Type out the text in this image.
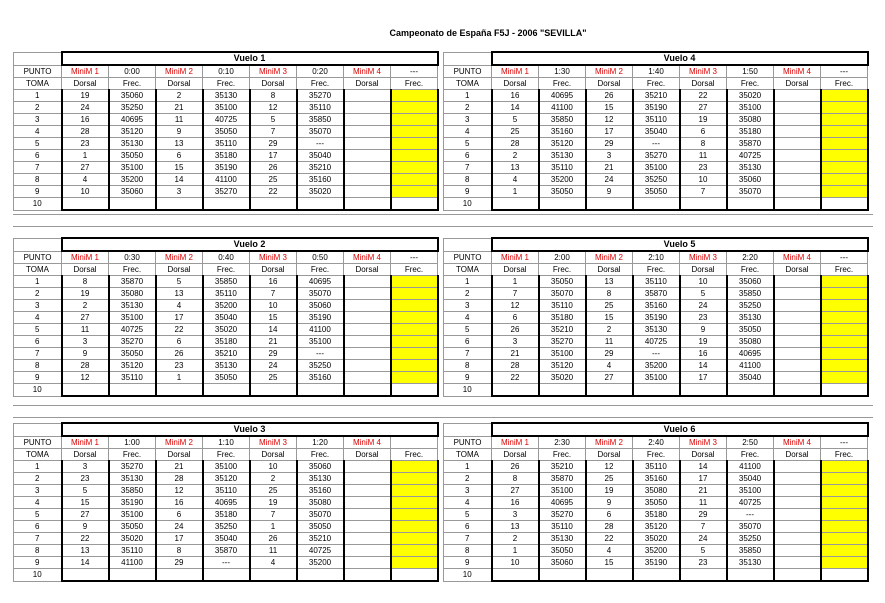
Campeonato de España F5J - 2006 "SEVILLA"
	Vuelo 1							
PUNTO	MiniM 1	0:00	MiniM 2	0:10	MiniM 3	0:20	MiniM 4	---
TOMA	Dorsal	Frec.	Dorsal	Frec.	Dorsal	Frec.	Dorsal	Frec.
1	19	35060	2	35130	8	35270		
2	24	35250	21	35100	12	35110		
3	16	40695	11	40725	5	35850		
4	28	35120	9	35050	7	35070		
5	23	35130	13	35110	29	---		
6	1	35050	6	35180	17	35040		
7	27	35100	15	35190	26	35210		
8	4	35200	14	41100	25	35160		
9	10	35060	3	35270	22	35020		
10								
	Vuelo 4							
PUNTO	MiniM 1	1:30	MiniM 2	1:40	MiniM 3	1:50	MiniM 4	---
TOMA	Dorsal	Frec.	Dorsal	Frec.	Dorsal	Frec.	Dorsal	Frec.
1	16	40695	26	35210	22	35020		
2	14	41100	15	35190	27	35100		
3	5	35850	12	35110	19	35080		
4	25	35160	17	35040	6	35180		
5	28	35120	29	---	8	35870		
6	2	35130	3	35270	11	40725		
7	13	35110	21	35100	23	35130		
8	4	35200	24	35250	10	35060		
9	1	35050	9	35050	7	35070		
10								
	Vuelo 2							
PUNTO	MiniM 1	0:30	MiniM 2	0:40	MiniM 3	0:50	MiniM 4	---
TOMA	Dorsal	Frec.	Dorsal	Frec.	Dorsal	Frec.	Dorsal	Frec.
1	8	35870	5	35850	16	40695		
2	19	35080	13	35110	7	35070		
3	2	35130	4	35200	10	35060		
4	27	35100	17	35040	15	35190		
5	11	40725	22	35020	14	41100		
6	3	35270	6	35180	21	35100		
7	9	35050	26	35210	29	---		
8	28	35120	23	35130	24	35250		
9	12	35110	1	35050	25	35160		
10								
	Vuelo 5							
PUNTO	MiniM 1	2:00	MiniM 2	2:10	MiniM 3	2:20	MiniM 4	---
TOMA	Dorsal	Frec.	Dorsal	Frec.	Dorsal	Frec.	Dorsal	Frec.
1	1	35050	13	35110	10	35060		
2	7	35070	8	35870	5	35850		
3	12	35110	25	35160	24	35250		
4	6	35180	15	35190	23	35130		
5	26	35210	2	35130	9	35050		
6	3	35270	11	40725	19	35080		
7	21	35100	29	---	16	40695		
8	28	35120	4	35200	14	41100		
9	22	35020	27	35100	17	35040		
10								
	Vuelo 3							
PUNTO	MiniM 1	1:00	MiniM 2	1:10	MiniM 3	1:20	MiniM 4	
TOMA	Dorsal	Frec.	Dorsal	Frec.	Dorsal	Frec.	Dorsal	Frec.
1	3	35270	21	35100	10	35060		
2	23	35130	28	35120	2	35130		
3	5	35850	12	35110	25	35160		
4	15	35190	16	40695	19	35080		
5	27	35100	6	35180	7	35070		
6	9	35050	24	35250	1	35050		
7	22	35020	17	35040	26	35210		
8	13	35110	8	35870	11	40725		
9	14	41100	29	---	4	35200		
10								
	Vuelo 6							
PUNTO	MiniM 1	2:30	MiniM 2	2:40	MiniM 3	2:50	MiniM 4	---
TOMA	Dorsal	Frec.	Dorsal	Frec.	Dorsal	Frec.	Dorsal	Frec.
1	26	35210	12	35110	14	41100		
2	8	35870	25	35160	17	35040		
3	27	35100	19	35080	21	35100		
4	16	40695	9	35050	11	40725		
5	3	35270	6	35180	29	---		
6	13	35110	28	35120	7	35070		
7	2	35130	22	35020	24	35250		
8	1	35050	4	35200	5	35850		
9	10	35060	15	35190	23	35130		
10								
